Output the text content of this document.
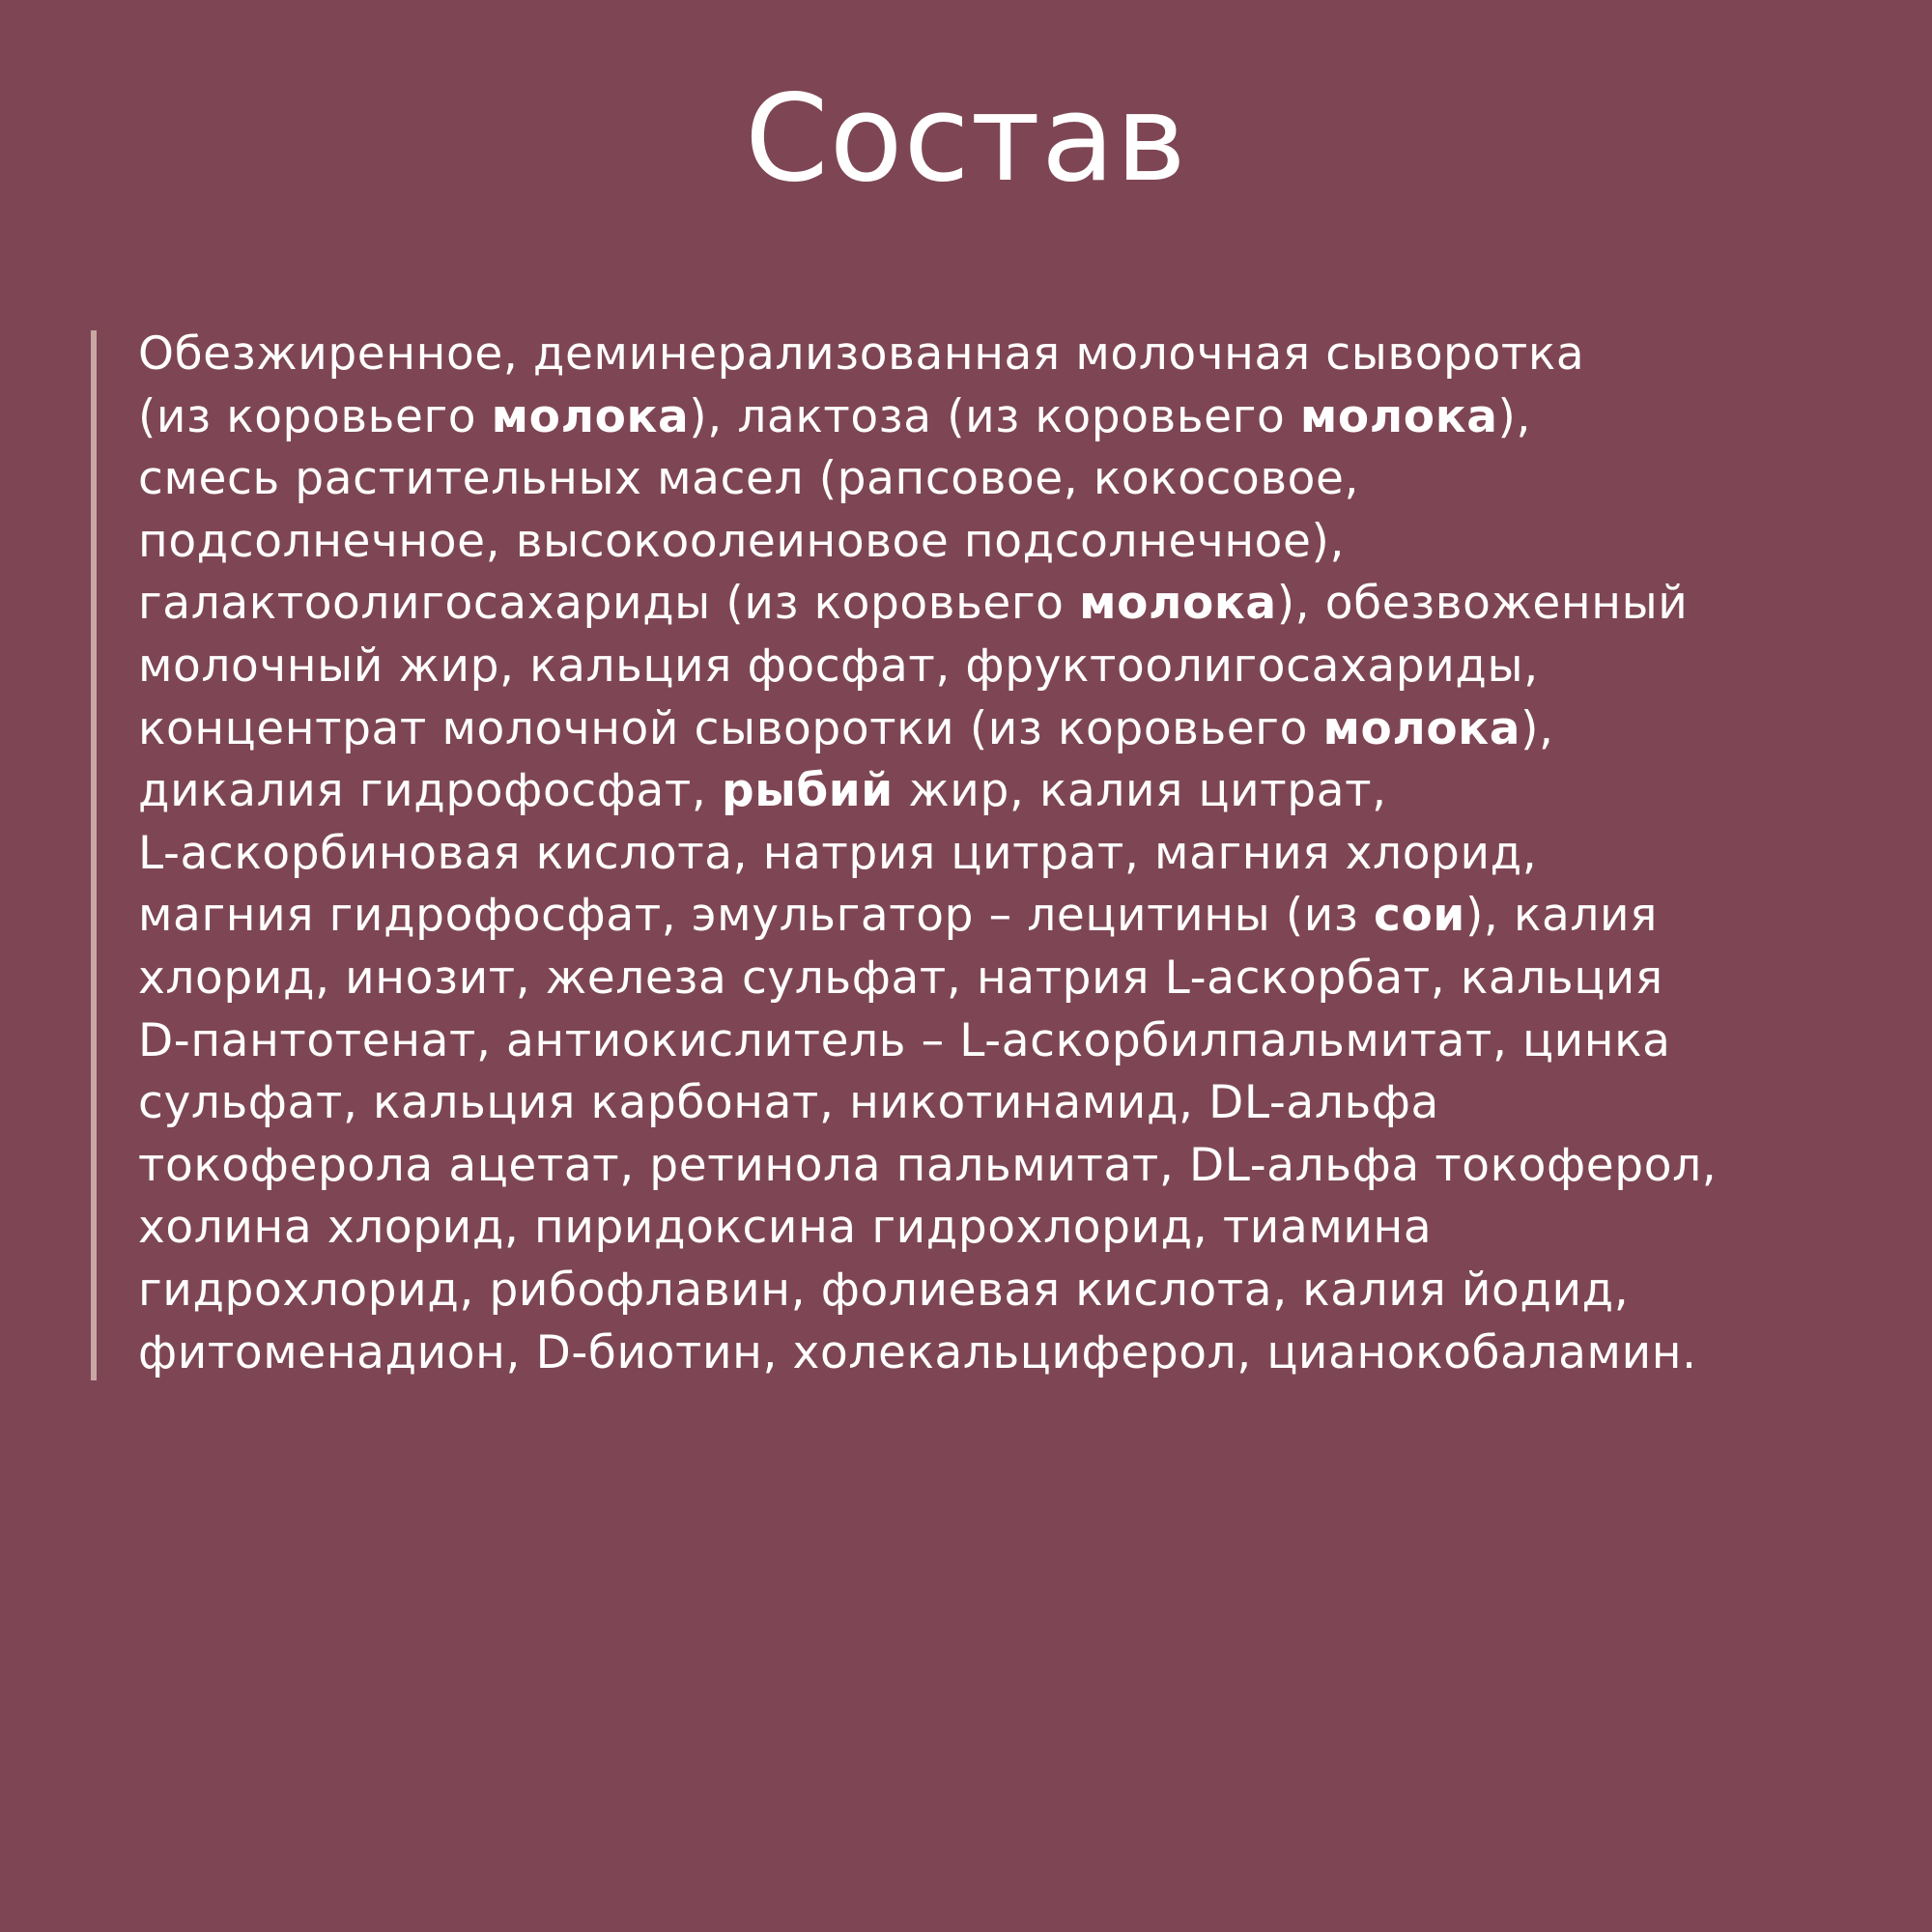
Состав
Обезжиренное, деминерализованная молочная сыворотка
(из коровьего молока), лактоза (из коровьего молока),
смесь растительных масел (рапсовое, кокосовое,
подсолнечное, высокоолеиновое подсолнечное),
галактоолигосахариды (из коровьего молока), обезвоженный
молочный жир, кальция фосфат, фруктоолигосахариды,
концентрат молочной сыворотки (из коровьего молока),
дикалия гидрофосфат, рыбий жир, калия цитрат,
L-аскорбиновая кислота, натрия цитрат, магния хлорид,
магния гидрофосфат, эмульгатор – лецитины (из сои), калия
хлорид, инозит, железа сульфат, натрия L-аскорбат, кальция
D-пантотенат, антиокислитель – L-аскорбилпальмитат, цинка
сульфат, кальция карбонат, никотинамид, DL-альфа
токоферола ацетат, ретинола пальмитат, DL-альфа токоферол,
холина хлорид, пиридоксина гидрохлорид, тиамина
гидрохлорид, рибофлавин, фолиевая кислота, калия йодид,
фитоменадион, D-биотин, холекальциферол, цианокобаламин.
